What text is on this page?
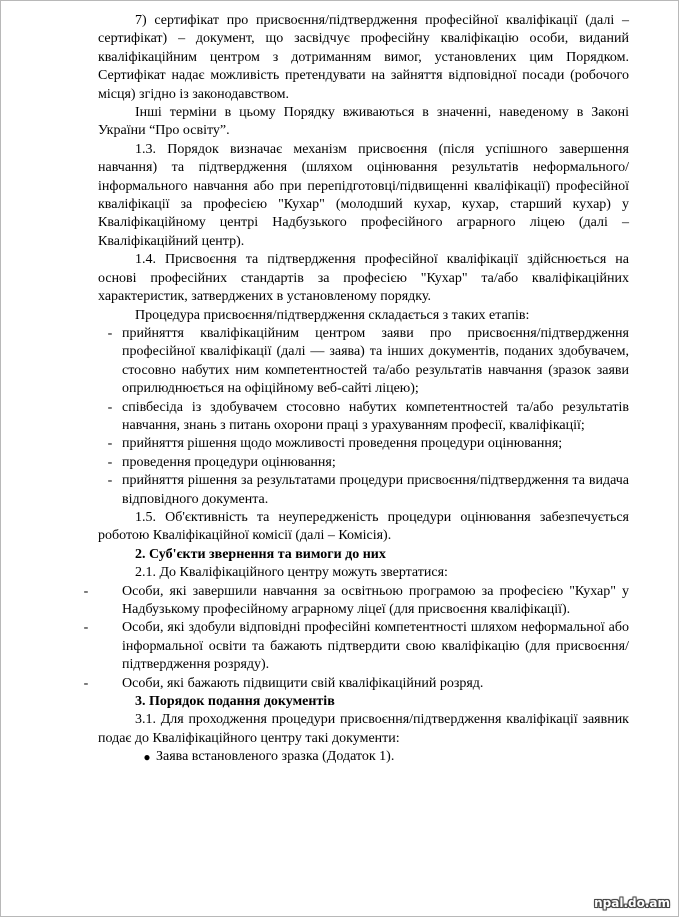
7) сертифікат про присвоєння/підтвердження професійної кваліфікації (далі – сертифікат) – документ, що засвідчує професійну кваліфікацію особи, виданий кваліфікаційним центром з дотриманням вимог, установлених цим Порядком. Сертифікат надає можливість претендувати на зайняття відповідної посади (робочого місця) згідно із законодавством.

Інші терміни в цьому Порядку вживаються в значенні, наведеному в Законі України “Про освіту”.

1.3. Порядок визначає механізм присвоєння (після успішного завершення навчання) та підтвердження (шляхом оцінювання результатів неформального/інформального навчання або при перепідготовці/підвищенні кваліфікації) професійної кваліфікації за професією "Кухар" (молодший кухар, кухар, старший кухар) у Кваліфікаційному центрі Надбузького професійного аграрного ліцею (далі – Кваліфікаційний центр).

1.4. Присвоєння та підтвердження професійної кваліфікації здійснюється на основі професійних стандартів за професією "Кухар" та/або кваліфікаційних характеристик, затверджених в установленому порядку.

Процедура присвоєння/підтвердження складається з таких етапів:

- прийняття кваліфікаційним центром заяви про присвоєння/підтвердження професійної кваліфікації (далі — заява) та інших документів, поданих здобувачем, стосовно набутих ним компетентностей та/або результатів навчання (зразок заяви оприлюднюється на офіційному веб-сайті ліцею);

- співбесіда із здобувачем стосовно набутих компетентностей та/або результатів навчання, знань з питань охорони праці з урахуванням професії, кваліфікації;

- прийняття рішення щодо можливості проведення процедури оцінювання;

- проведення процедури оцінювання;

- прийняття рішення за результатами процедури присвоєння/підтвердження та видача відповідного документа.

1.5. Об'єктивність та неупередженість процедури оцінювання забезпечується роботою Кваліфікаційної комісії (далі – Комісія).

2. Суб'єкти звернення та вимоги до них

2.1. До Кваліфікаційного центру можуть звертатися:

-	Особи, які завершили навчання за освітньою програмою за професією "Кухар" у Надбузькому професійному аграрному ліцеї (для присвоєння кваліфікації).

-	Особи, які здобули відповідні професійні компетентності шляхом неформальної або інформальної освіти та бажають підтвердити свою кваліфікацію (для присвоєння/підтвердження розряду).

-	Особи, які бажають підвищити свій кваліфікаційний розряд.

3. Порядок подання документів

3.1. Для проходження процедури присвоєння/підтвердження кваліфікації заявник подає до Кваліфікаційного центру такі документи:

● Заява встановленого зразка (Додаток 1).

npal.do.am
